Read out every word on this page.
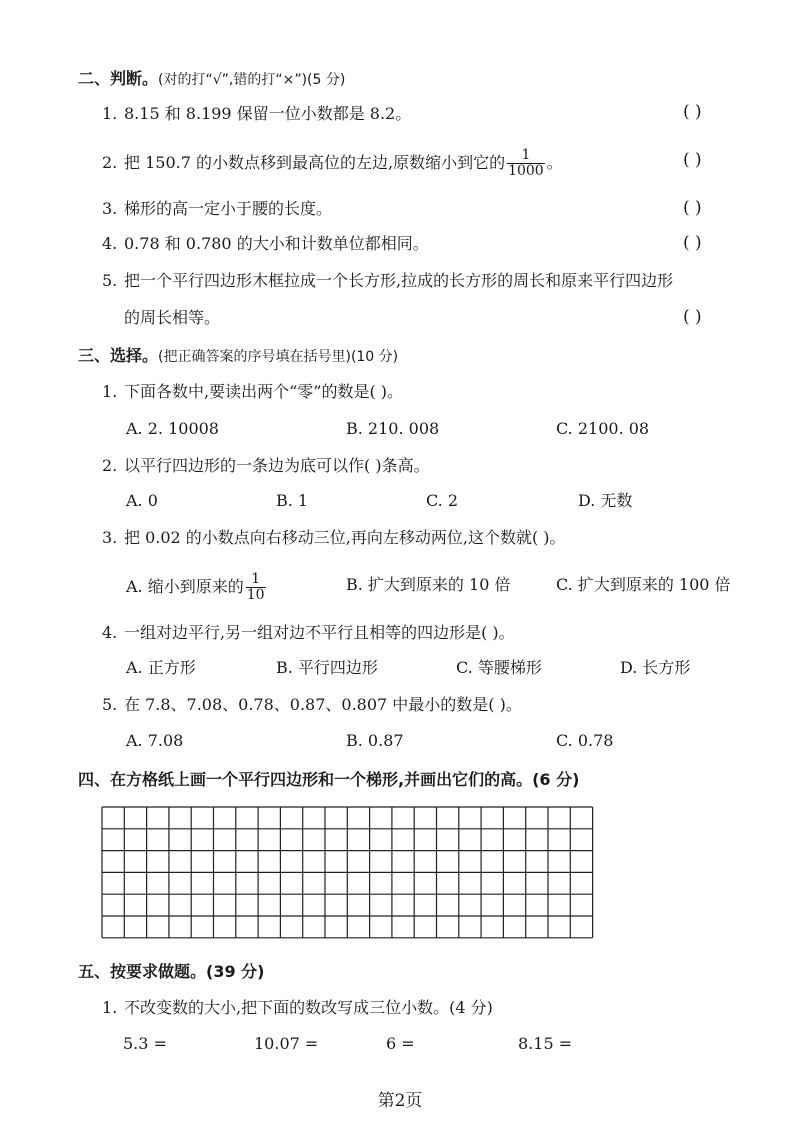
二、判断。(对的打“√”,错的打“×”)(5 分)
1. 8.15 和 8.199 保留一位小数都是 8.2。	( )
2. 把 150.7 的小数点移到最高位的左边,原数缩小到它的 $\frac{1}{1000}$ 。	( )
3. 梯形的高一定小于腰的长度。	( )
4. 0.78 和 0.780 的大小和计数单位都相同。	( )
5. 把一个平行四边形木框拉成一个长方形,拉成的长方形的周长和原来平行四边形
的周长相等。	( )
三、选择。(把正确答案的序号填在括号里)(10 分)
1. 下面各数中,要读出两个“零”的数是( )。
A. 2. 10008	B. 210. 008	C. 2100. 08
2. 以平行四边形的一条边为底可以作( )条高。
A. 0	B. 1	C. 2	D. 无数
3. 把 0.02 的小数点向右移动三位,再向左移动两位,这个数就( )。
A. 缩小到原来的 $\frac{1}{10}$	B. 扩大到原来的 10 倍	C. 扩大到原来的 100 倍
4. 一组对边平行,另一组对边不平行且相等的四边形是( )。
A. 正方形	B. 平行四边形	C. 等腰梯形	D. 长方形
5. 在 7.8、7.08、0.78、0.87、0.807 中最小的数是( )。
A. 7.08	B. 0.87	C. 0.78
四、在方格纸上画一个平行四边形和一个梯形,并画出它们的高。(6 分)
五、按要求做题。(39 分)
1. 不改变数的大小,把下面的数改写成三位小数。(4 分)
5.3 =	10.07 =	6 =	8.15 =
第2页
